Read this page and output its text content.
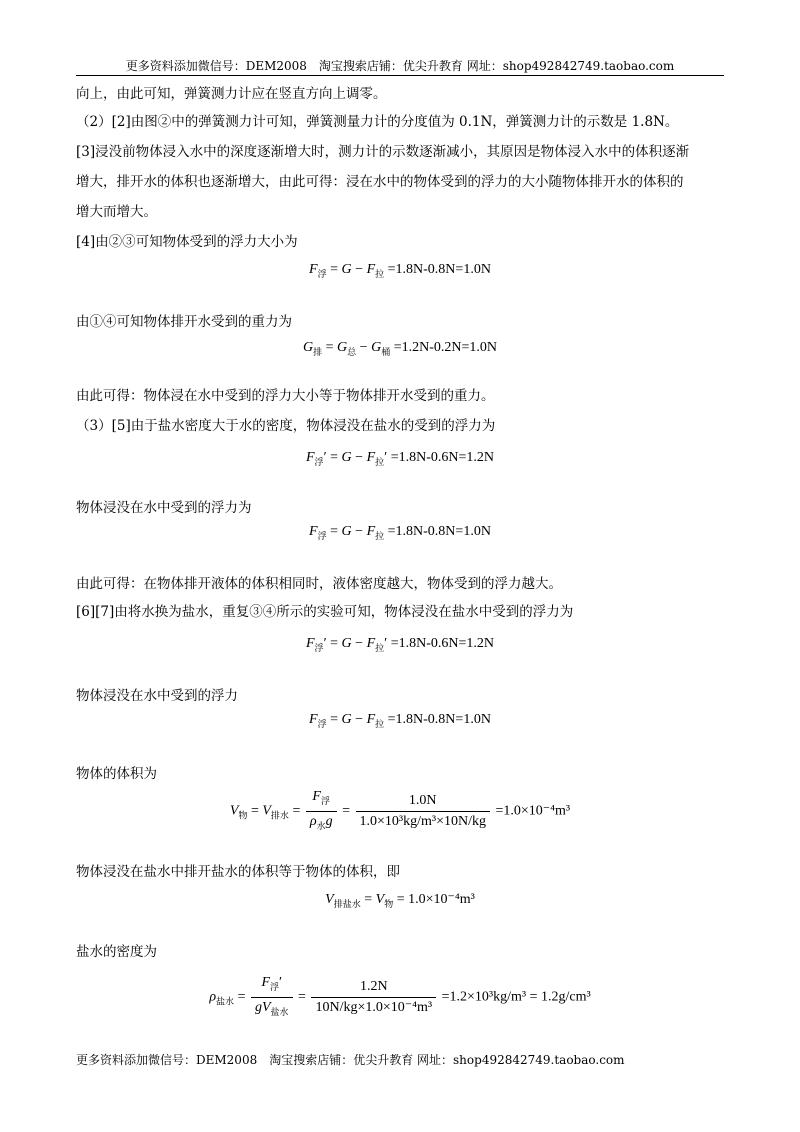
更多资料添加微信号：DEM2008　淘宝搜索店铺：优尖升教育 网址：shop492842749.taobao.com
向上，由此可知，弹簧测力计应在竖直方向上调零。
（2）[2]由图②中的弹簧测力计可知，弹簧测量力计的分度值为 0.1N，弹簧测力计的示数是 1.8N。
[3]浸没前物体浸入水中的深度逐渐增大时，测力计的示数逐渐减小，其原因是物体浸入水中的体积逐渐
增大，排开水的体积也逐渐增大，由此可得：浸在水中的物体受到的浮力的大小随物体排开水的体积的
增大而增大。
[4]由②③可知物体受到的浮力大小为
$F_浮 = G - F_拉 =1.8N-0.8N=1.0N$
由①④可知物体排开水受到的重力为
$G_排 = G_总 - G_桶 =1.2N-0.2N=1.0N$
由此可得：物体浸在水中受到的浮力大小等于物体排开水受到的重力。
（3）[5]由于盐水密度大于水的密度，物体浸没在盐水的受到的浮力为
$F_浮' = G - F_拉' =1.8N-0.6N=1.2N$
物体浸没在水中受到的浮力为
$F_浮 = G - F_拉 =1.8N-0.8N=1.0N$
由此可得：在物体排开液体的体积相同时，液体密度越大，物体受到的浮力越大。
[6][7]由将水换为盐水，重复③④所示的实验可知，物体浸没在盐水中受到的浮力为
$F_浮' = G - F_拉' =1.8N-0.6N=1.2N$
物体浸没在水中受到的浮力
$F_浮 = G - F_拉 =1.8N-0.8N=1.0N$
物体的体积为
$V_物 = V_{排水} = \frac{F_浮}{\rho_水g} = \frac{1.0N}{\text{1.0×10³kg/m³×10N/kg}} =1.0\times 10^{-4}m^3$
物体浸没在盐水中排开盐水的体积等于物体的体积，即
$V_{排盐水} = V_物 = 1.0\times 10^{-4}m^3$
盐水的密度为
$\rho_{盐水} = \frac{F_浮'}{gV_{盐水}} = \frac{1.2N}{\text{10N/kg×1.0×10⁻⁴m³}} =1.2\times 10^3kg/m^3 = 1.2g/cm^3$
更多资料添加微信号：DEM2008　淘宝搜索店铺：优尖升教育 网址：shop492842749.taobao.com
